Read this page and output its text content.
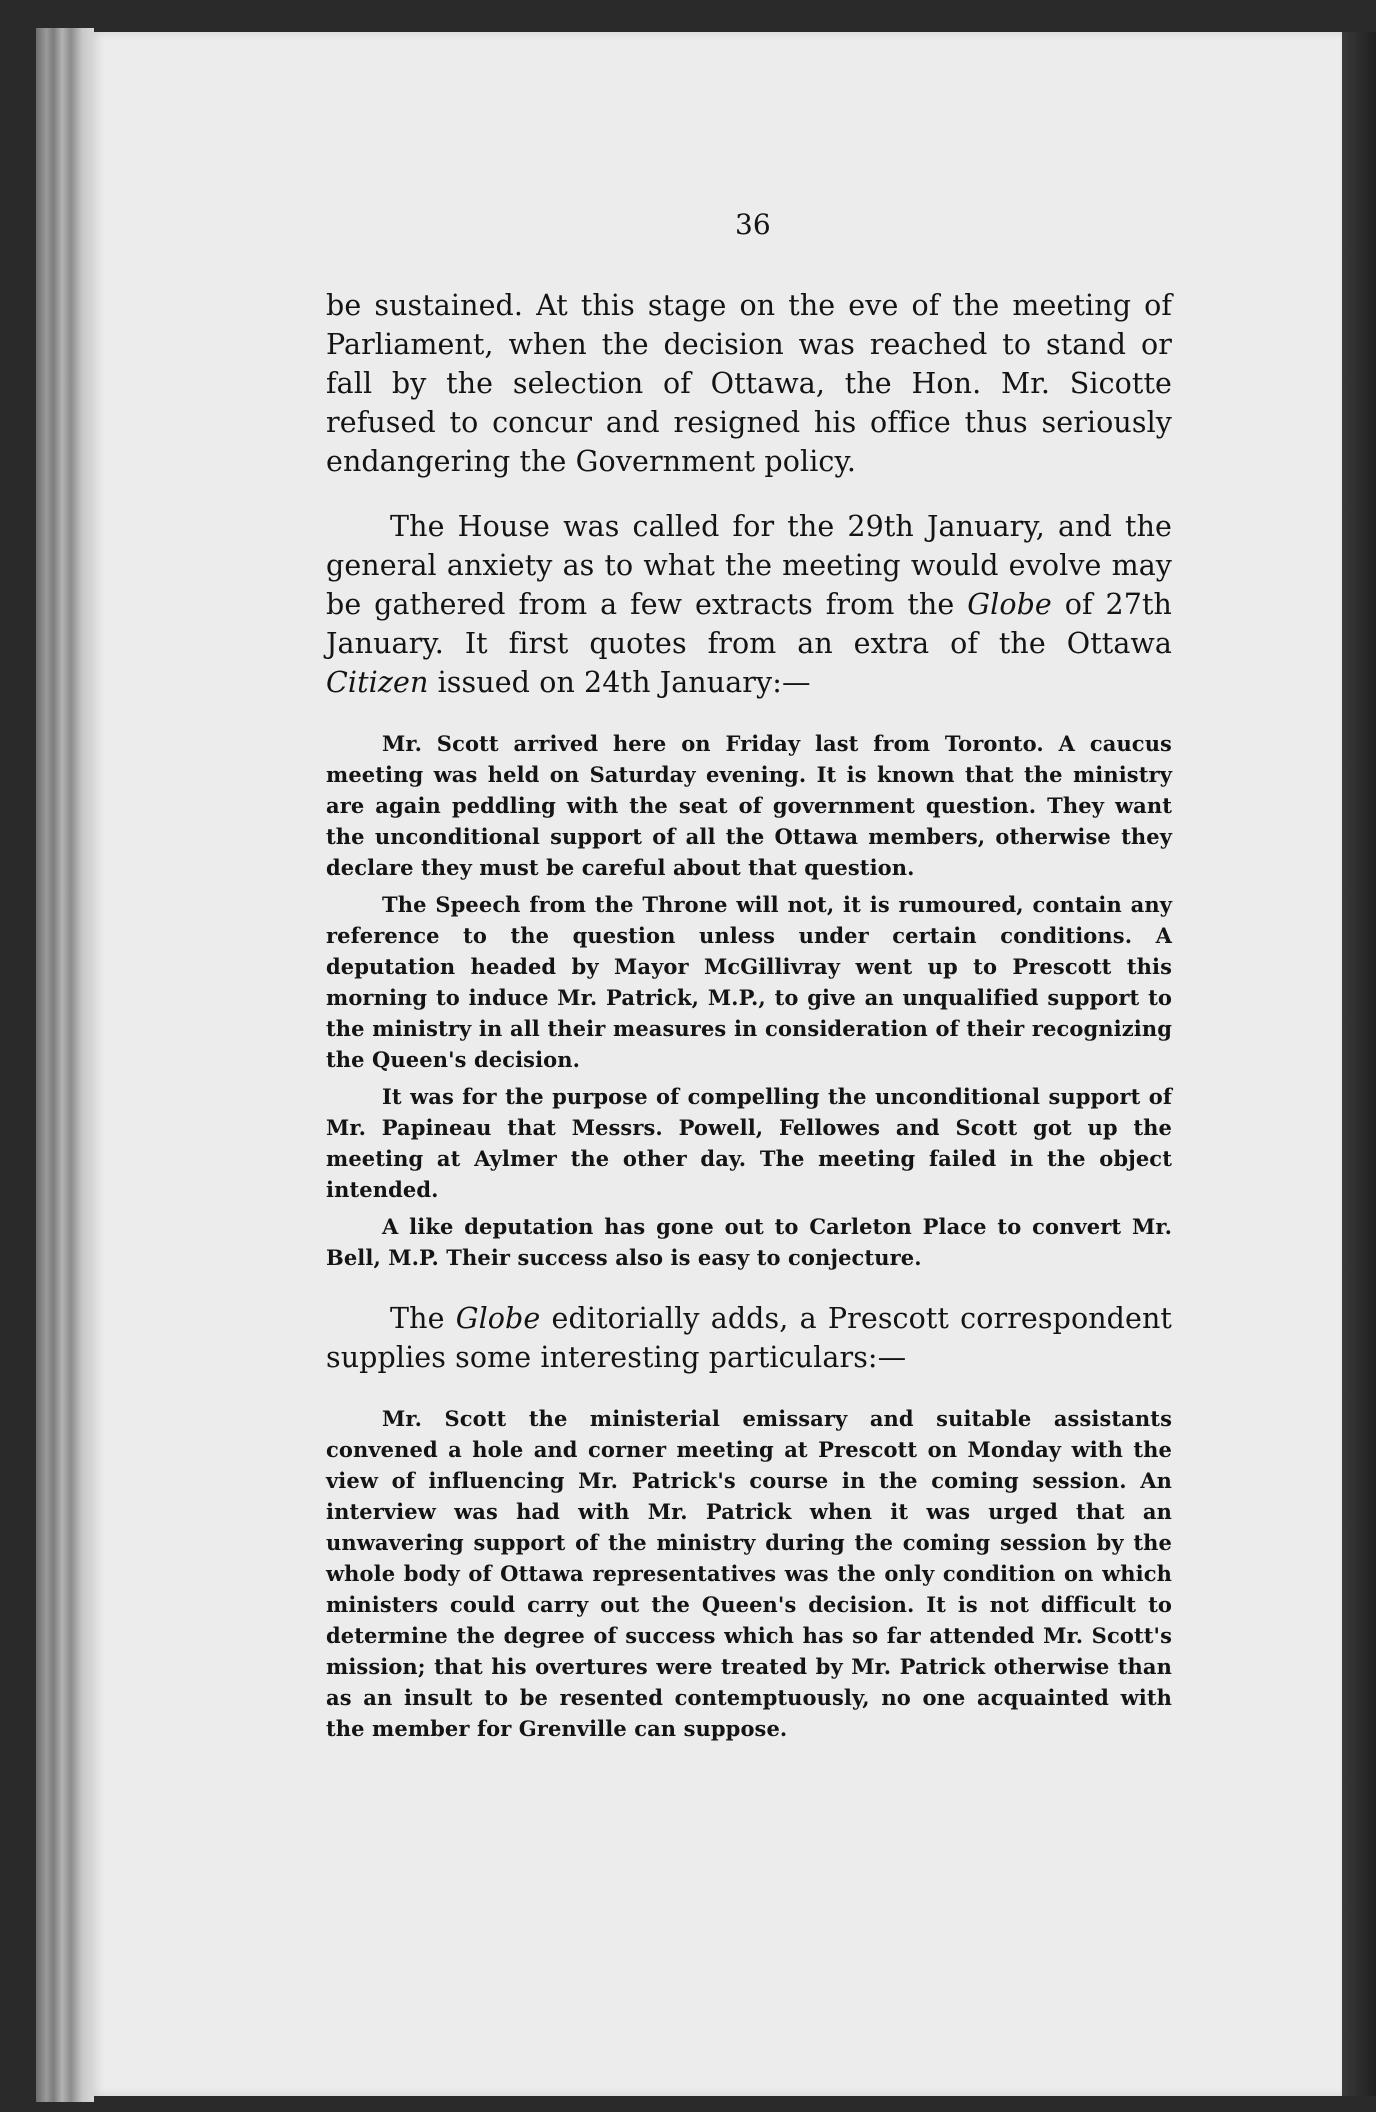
36

be sustained. At this stage on the eve of the meeting of Parliament, when the decision was reached to stand or fall by the selection of Ottawa, the Hon. Mr. Sicotte refused to concur and resigned his office thus seriously endangering the Government policy.

The House was called for the 29th January, and the general anxiety as to what the meeting would evolve may be gathered from a few extracts from the Globe of 27th January. It first quotes from an extra of the Ottawa Citizen issued on 24th January:—

Mr. Scott arrived here on Friday last from Toronto. A caucus meeting was held on Saturday evening. It is known that the ministry are again peddling with the seat of government question. They want the unconditional support of all the Ottawa members, otherwise they declare they must be careful about that question.

The Speech from the Throne will not, it is rumoured, contain any reference to the question unless under certain conditions. A deputation headed by Mayor McGillivray went up to Prescott this morning to induce Mr. Patrick, M.P., to give an unqualified support to the ministry in all their measures in consideration of their recognizing the Queen's decision.

It was for the purpose of compelling the unconditional support of Mr. Papineau that Messrs. Powell, Fellowes and Scott got up the meeting at Aylmer the other day. The meeting failed in the object intended.

A like deputation has gone out to Carleton Place to convert Mr. Bell, M.P. Their success also is easy to conjecture.

The Globe editorially adds, a Prescott correspondent supplies some interesting particulars:—

Mr. Scott the ministerial emissary and suitable assistants convened a hole and corner meeting at Prescott on Monday with the view of influencing Mr. Patrick's course in the coming session. An interview was had with Mr. Patrick when it was urged that an unwavering support of the ministry during the coming session by the whole body of Ottawa representatives was the only condition on which ministers could carry out the Queen's decision. It is not difficult to determine the degree of success which has so far attended Mr. Scott's mission; that his overtures were treated by Mr. Patrick otherwise than as an insult to be resented contemptuously, no one acquainted with the member for Grenville can suppose.
